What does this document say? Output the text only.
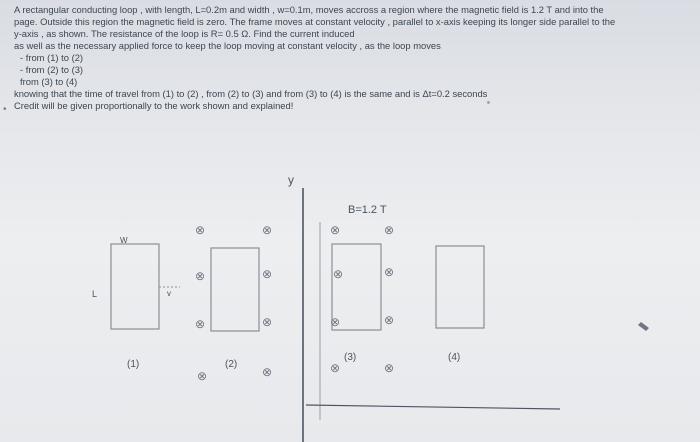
A rectangular conducting loop , with length, L=0.2m and width , w=0.1m, moves accross a region where the magnetic field is 1.2 T and into the

page. Outside this region the magnetic field is zero. The frame moves at constant velocity , parallel to x-axis keeping its longer side parallel to the

y-axis , as shown. The resistance of the loop is R= 0.5 Ω. Find the current induced

as well as the necessary applied force to keep the loop moving at constant velocity , as the loop moves

- from (1) to (2)

- from (2) to (3)

from (3) to (4)

knowing that the time of travel from (1) to (2) , from (2) to (3) and from (3) to (4) is the same and is Δt=0.2 seconds

Credit will be given proportionally to the work shown and explained!

•
y
B=1.2 T
W
L	v
(1)	(2)
(3)	(4)
⊗	⊗	⊗	⊗
⊗	⊗	⊗	⊗
⊗	⊗	⊗	⊗
⊗	⊗	⊗	⊗
